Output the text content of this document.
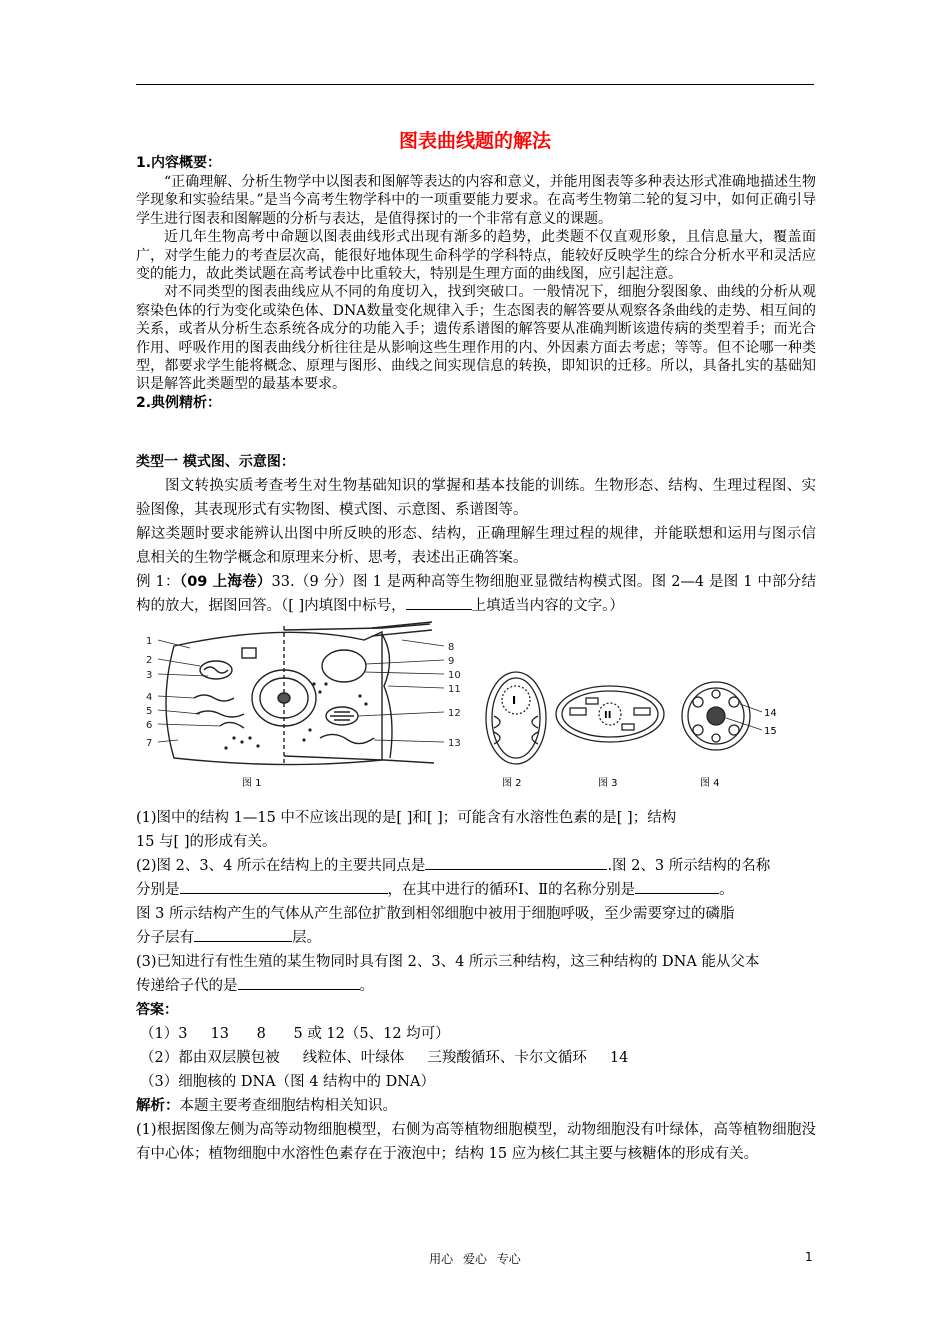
图表曲线题的解法
1.内容概要：
“正确理解、分析生物学中以图表和图解等表达的内容和意义，并能用图表等多种表达形式准确地描述生物学现象和实验结果。”是当今高考生物学科中的一项重要能力要求。在高考生物第二轮的复习中，如何正确引导学生进行图表和图解题的分析与表达，是值得探讨的一个非常有意义的课题。
近几年生物高考中命题以图表曲线形式出现有渐多的趋势，此类题不仅直观形象，且信息量大，覆盖面广，对学生能力的考查层次高，能很好地体现生命科学的学科特点，能较好反映学生的综合分析水平和灵活应变的能力，故此类试题在高考试卷中比重较大，特别是生理方面的曲线图，应引起注意。
对不同类型的图表曲线应从不同的角度切入，找到突破口。一般情况下，细胞分裂图象、曲线的分析从观察染色体的行为变化或染色体、DNA数量变化规律入手；生态图表的解答要从观察各条曲线的走势、相互间的关系，或者从分析生态系统各成分的功能入手；遗传系谱图的解答要从准确判断该遗传病的类型着手；而光合作用、呼吸作用的图表曲线分析往往是从影响这些生理作用的内、外因素方面去考虑；等等。但不论哪一种类型，都要求学生能将概念、原理与图形、曲线之间实现信息的转换，即知识的迁移。所以，具备扎实的基础知识是解答此类题型的最基本要求。
2.典例精析：
类型一 模式图、示意图：
图文转换实质考查考生对生物基础知识的掌握和基本技能的训练。生物形态、结构、生理过程图、实验图像，其表现形式有实物图、模式图、示意图、系谱图等。
解这类题时要求能辨认出图中所反映的形态、结构，正确理解生理过程的规律，并能联想和运用与图示信息相关的生物学概念和原理来分析、思考，表述出正确答案。
例 1：（09 上海卷）33.（9 分）图 1 是两种高等生物细胞亚显微结构模式图。图 2—4 是图 1 中部分结构的放大，据图回答。（[ ]内填图中标号，	上填适当内容的文字。）
1
2
3
4
5
6
7
8
9
10
11
12
13
I
II	14
15
图 1	图 2	图 3	图 4
(1)图中的结构 1—15 中不应该出现的是[ ]和[ ]；可能含有水溶性色素的是[ ]；结构
15 与[ ]的形成有关。
(2)图 2、3、4 所示在结构上的主要共同点是	.图 2、3 所示结构的名称
分别是	，在其中进行的循环Ⅰ、Ⅱ的名称分别是	。
图 3 所示结构产生的气体从产生部位扩散到相邻细胞中被用于细胞呼吸，至少需要穿过的磷脂
分子层有	层。
(3)已知进行有性生殖的某生物同时具有图 2、3、4 所示三种结构，这三种结构的 DNA 能从父本
传递给子代的是	。
答案：
（1）3     13      8      5 或 12（5、12 均可）
（2）都由双层膜包被     线粒体、叶绿体     三羧酸循环、卡尔文循环     14
（3）细胞核的 DNA（图 4 结构中的 DNA）
解析：本题主要考查细胞结构相关知识。
(1)根据图像左侧为高等动物细胞模型，右侧为高等植物细胞模型，动物细胞没有叶绿体，高等植物细胞没有中心体；植物细胞中水溶性色素存在于液泡中；结构 15 应为核仁其主要与核糖体的形成有关。
用心 爱心 专心	1
